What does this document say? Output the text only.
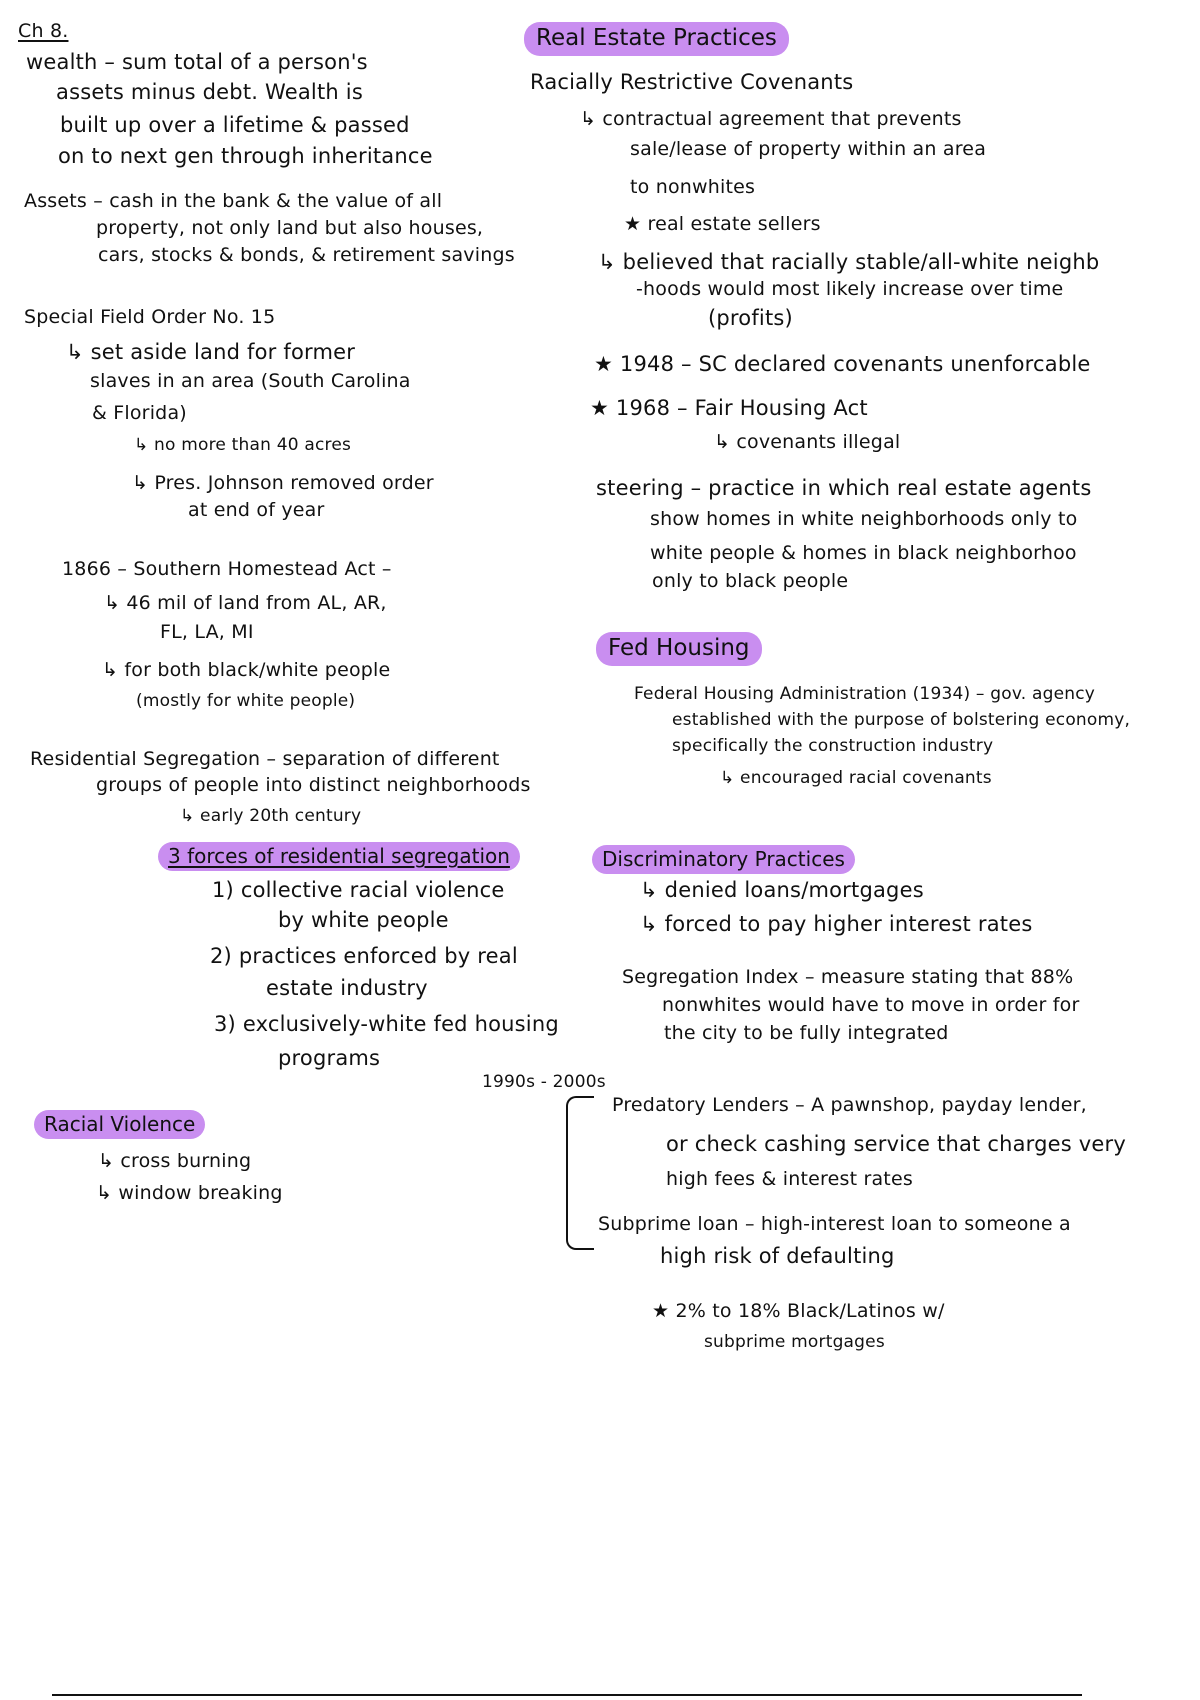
Ch 8.
wealth – sum total of a person's
assets minus debt. Wealth is
built up over a lifetime & passed
on to next gen through inheritance
Assets – cash in the bank & the value of all
property, not only land but also houses,
cars, stocks & bonds, & retirement savings
Special Field Order No. 15
↳ set aside land for former
slaves in an area (South Carolina
& Florida)
↳ no more than 40 acres
↳ Pres. Johnson removed order
at end of year
1866 – Southern Homestead Act –
↳ 46 mil of land from AL, AR,
FL, LA, MI
↳ for both black/white people
(mostly for white people)
Residential Segregation – separation of different
groups of people into distinct neighborhoods
↳ early 20th century
3 forces of residential segregation
1) collective racial violence
by white people
2) practices enforced by real
estate industry
3) exclusively-white fed housing
programs
Racial Violence
↳ cross burning
↳ window breaking
Real Estate Practices
Racially Restrictive Covenants
↳ contractual agreement that prevents
sale/lease of property within an area
to nonwhites
★ real estate sellers
↳ believed that racially stable/all-white neighb
-hoods would most likely increase over time
(profits)
★ 1948 – SC declared covenants unenforcable
★ 1968 – Fair Housing Act
↳ covenants illegal
steering – practice in which real estate agents
show homes in white neighborhoods only to
white people & homes in black neighborhoo
only to black people
Fed Housing
Federal Housing Administration (1934) – gov. agency
established with the purpose of bolstering economy,
specifically the construction industry
↳ encouraged racial covenants
Discriminatory Practices
↳ denied loans/mortgages
↳ forced to pay higher interest rates
Segregation Index – measure stating that 88%
nonwhites would have to move in order for
the city to be fully integrated
1990s - 2000s
Predatory Lenders – A pawnshop, payday lender,
or check cashing service that charges very
high fees & interest rates
Subprime loan – high-interest loan to someone a
high risk of defaulting
★ 2% to 18% Black/Latinos w/
subprime mortgages
